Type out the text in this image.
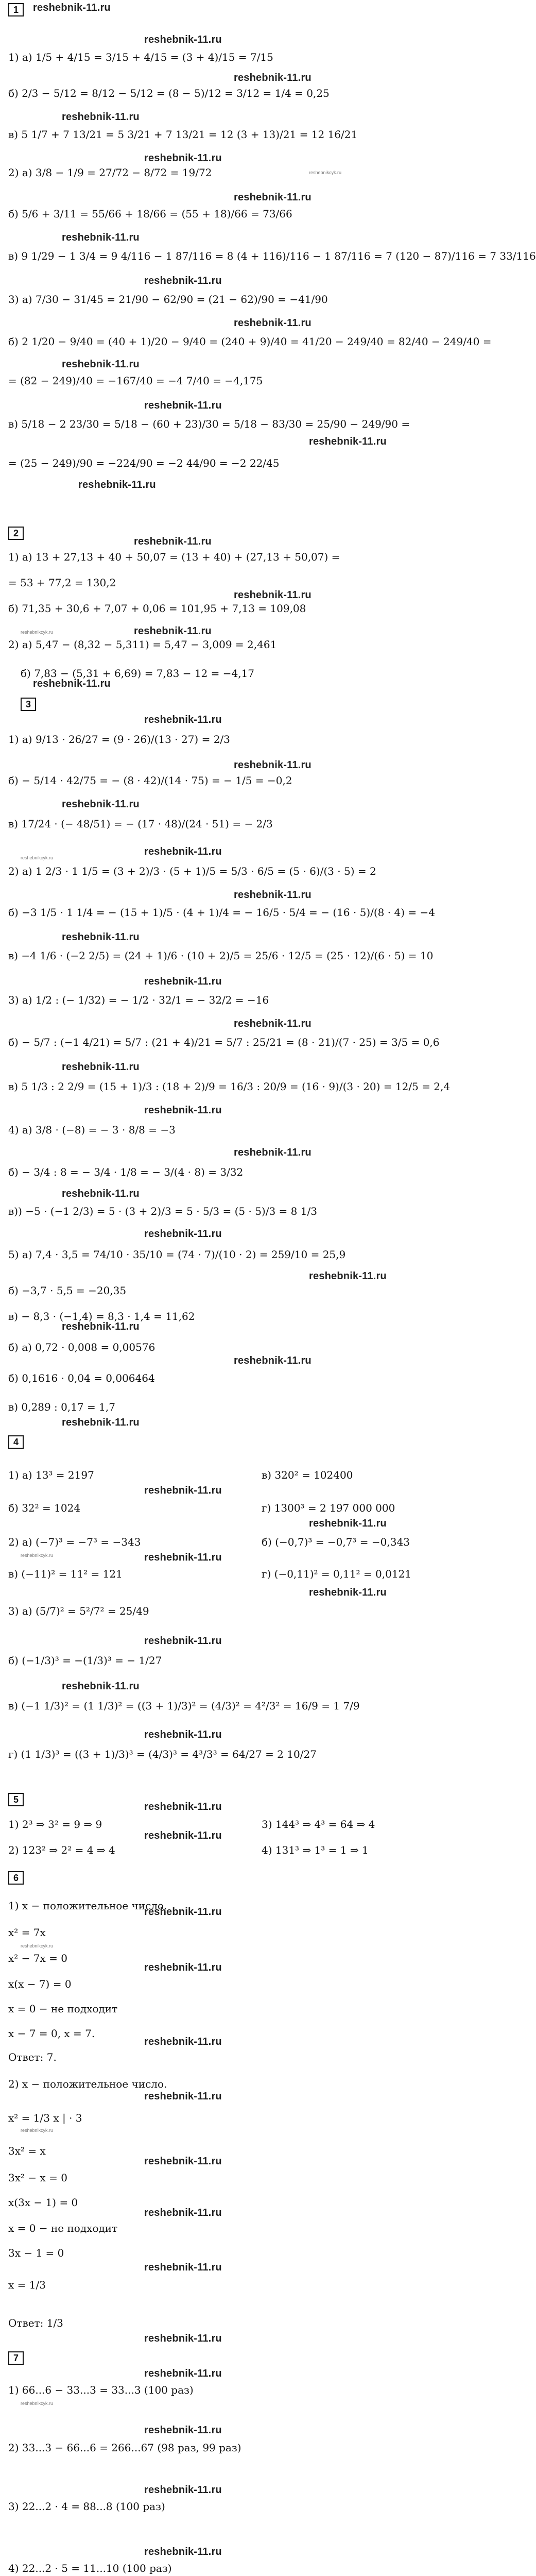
1
1) а) 1/5 + 4/15 = 3/15 + 4/15 = (3 + 4)/15 = 7/15
б) 2/3 − 5/12 = 8/12 − 5/12 = (8 − 5)/12 = 3/12 = 1/4 = 0,25
в) 5 1/7 + 7 13/21 = 5 3/21 + 7 13/21 = 12 (3 + 13)/21 = 12 16/21
2) а) 3/8 − 1/9 = 27/72 − 8/72 = 19/72
б) 5/6 + 3/11 = 55/66 + 18/66 = (55 + 18)/66 = 73/66
в) 9 1/29 − 1 3/4 = 9 4/116 − 1 87/116 = 8 (4 + 116)/116 − 1 87/116 = 7 (120 − 87)/116 = 7 33/116
3) а) 7/30 − 31/45 = 21/90 − 62/90 = (21 − 62)/90 = −41/90
б) 2 1/20 − 9/40 = (40 + 1)/20 − 9/40 = (240 + 9)/40 = 41/20 − 249/40 = 82/40 − 249/40 =
= (82 − 249)/40 = −167/40 = −4 7/40 = −4,175
в) 5/18 − 2 23/30 = 5/18 − (60 + 23)/30 = 5/18 − 83/30 = 25/90 − 249/90 =
= (25 − 249)/90 = −224/90 = −2 44/90 = −2 22/45
2
1) а) 13 + 27,13 + 40 + 50,07 = (13 + 40) + (27,13 + 50,07) =
= 53 + 77,2 = 130,2
б) 71,35 + 30,6 + 7,07 + 0,06 = 101,95 + 7,13 = 109,08
2) а) 5,47 − (8,32 − 5,311) = 5,47 − 3,009 = 2,461
б) 7,83 − (5,31 + 6,69) = 7,83 − 12 = −4,17
3
1) а) 9/13 · 26/27 = (9 · 26)/(13 · 27) = 2/3
б) − 5/14 · 42/75 = − (8 · 42)/(14 · 75) = − 1/5 = −0,2
в) 17/24 · (− 48/51) = − (17 · 48)/(24 · 51) = − 2/3
2) а) 1 2/3 · 1 1/5 = (3 + 2)/3 · (5 + 1)/5 = 5/3 · 6/5 = (5 · 6)/(3 · 5) = 2
б) −3 1/5 · 1 1/4 = − (15 + 1)/5 · (4 + 1)/4 = − 16/5 · 5/4 = − (16 · 5)/(8 · 4) = −4
в) −4 1/6 · (−2 2/5) = (24 + 1)/6 · (10 + 2)/5 = 25/6 · 12/5 = (25 · 12)/(6 · 5) = 10
3) а) 1/2 : (− 1/32) = − 1/2 · 32/1 = − 32/2 = −16
б) − 5/7 : (−1 4/21) = 5/7 : (21 + 4)/21 = 5/7 : 25/21 = (8 · 21)/(7 · 25) = 3/5 = 0,6
в) 5 1/3 : 2 2/9 = (15 + 1)/3 : (18 + 2)/9 = 16/3 : 20/9 = (16 · 9)/(3 · 20) = 12/5 = 2,4
4) а) 3/8 · (−8) = − 3 · 8/8 = −3
б) − 3/4 : 8 = − 3/4 · 1/8 = − 3/(4 · 8) = 3/32
в)) −5 · (−1 2/3) = 5 · (3 + 2)/3 = 5 · 5/3 = (5 · 5)/3 = 8 1/3
5) а) 7,4 · 3,5 = 74/10 · 35/10 = (74 · 7)/(10 · 2) = 259/10 = 25,9
б) −3,7 · 5,5 = −20,35
в) − 8,3 · (−1,4) = 8,3 · 1,4 = 11,62
б) а) 0,72 · 0,008 = 0,00576
б) 0,1616 · 0,04 = 0,006464
в) 0,289 : 0,17 = 1,7
4
1) а) 13³ = 2197
б) 32² = 1024
2) а) (−7)³ = −7³ = −343
в) (−11)² = 11² = 121
3) а) (5/7)² = 5²/7² = 25/49
б) (−1/3)³ = −(1/3)³ = − 1/27
в) (−1 1/3)² = (1 1/3)² = ((3 + 1)/3)² = (4/3)² = 4²/3² = 16/9 = 1 7/9
г) (1 1/3)³ = ((3 + 1)/3)³ = (4/3)³ = 4³/3³ = 64/27 = 2 10/27
в) 320² = 102400
г) 1300³ = 2 197 000 000
б) (−0,7)³ = −0,7³ = −0,343
г) (−0,11)² = 0,11² = 0,0121
5
1) 2³ ⇒ 3² = 9 ⇒ 9
2) 123² ⇒ 2² = 4 ⇒ 4
3) 144³ ⇒ 4³ = 64 ⇒ 4
4) 131³ ⇒ 1³ = 1 ⇒ 1
6
1) x − положительное число.
x² = 7x
x² − 7x = 0
x(x − 7) = 0
x = 0 − не подходит
x − 7 = 0, x = 7.
Ответ: 7.
2) x − положительное число.
x² = 1/3 x | · 3
3x² = x
3x² − x = 0
x(3x − 1) = 0
x = 0 − не подходит
3x − 1 = 0
x = 1/3
Ответ: 1/3
7
1) 66...6 − 33...3 = 33...3 (100 раз)
2) 33...3 − 66...6 = 266...67 (98 раз, 99 раз)
3) 22...2 · 4 = 88...8 (100 раз)
4) 22...2 · 5 = 11...10 (100 раз)
reshebnik-11.ru
reshebnik-11.ru
reshebnik-11.ru
reshebnik-11.ru
reshebnik-11.ru
reshebnik-11.ru
reshebnik-11.ru
reshebnik-11.ru
reshebnik-11.ru
reshebnik-11.ru
reshebnik-11.ru
reshebnik-11.ru
reshebnik-11.ru
reshebnik-11.ru
reshebnik-11.ru
reshebnik-11.ru
reshebnik-11.ru
reshebnik-11.ru
reshebnik-11.ru
reshebnik-11.ru
reshebnik-11.ru
reshebnik-11.ru
reshebnik-11.ru
reshebnik-11.ru
reshebnik-11.ru
reshebnik-11.ru
reshebnik-11.ru
reshebnik-11.ru
reshebnik-11.ru
reshebnik-11.ru
reshebnik-11.ru
reshebnik-11.ru
reshebnik-11.ru
reshebnik-11.ru
reshebnik-11.ru
reshebnik-11.ru
reshebnik-11.ru
reshebnik-11.ru
reshebnik-11.ru
reshebnik-11.ru
reshebnik-11.ru
reshebnik-11.ru
reshebnik-11.ru
reshebnik-11.ru
reshebnik-11.ru
reshebnik-11.ru
reshebnik-11.ru
reshebnik-11.ru
reshebnik-11.ru
reshebnik-11.ru
reshebnik-11.ru
reshebnik-11.ru
reshebnik-11.ru
reshebnik-11.ru
reshebnik-11.ru
reshebnikcyk.ru
reshebnikcyk.ru
reshebnikcyk.ru
reshebnikcyk.ru
reshebnikcyk.ru
reshebnikcyk.ru
reshebnikcyk.ru
